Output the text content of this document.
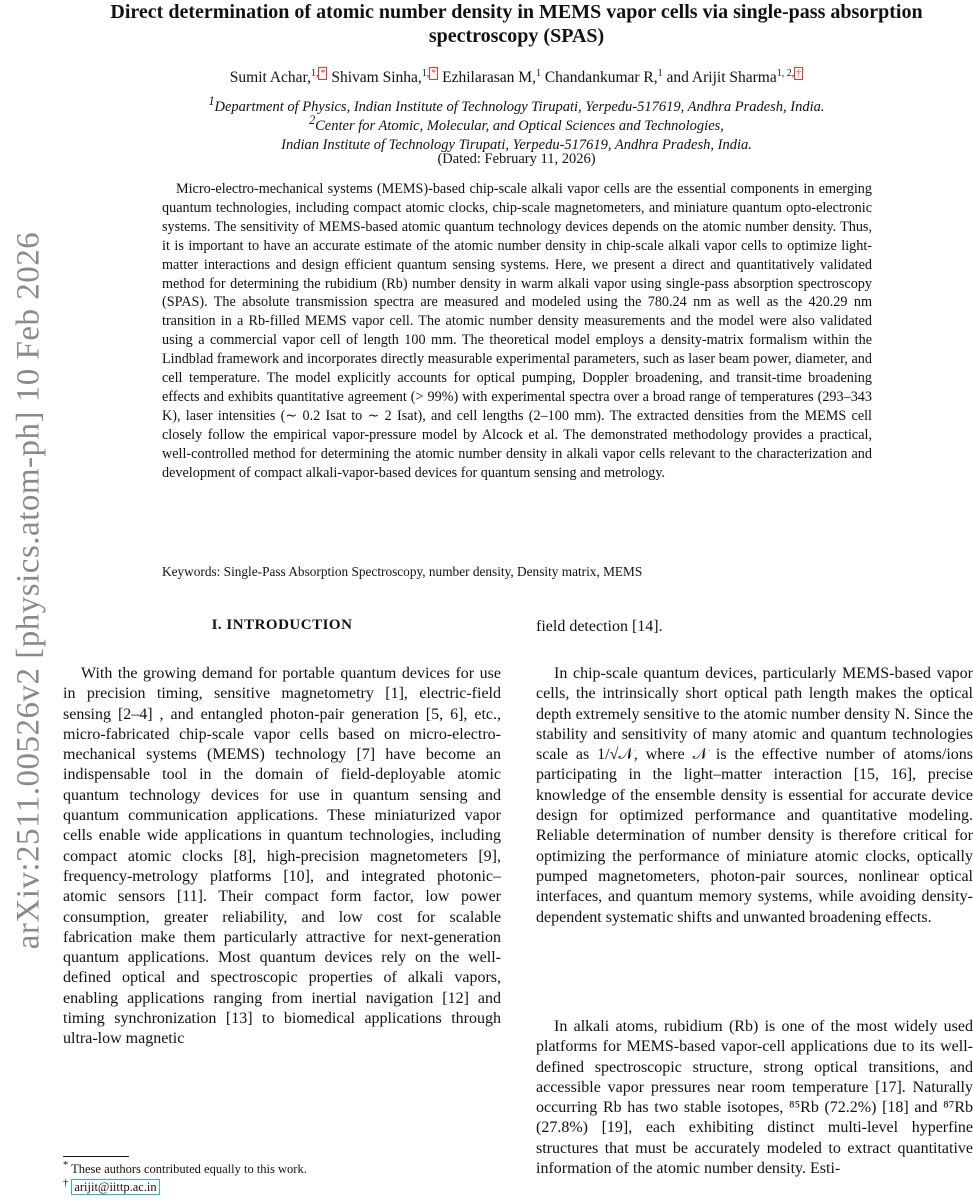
arXiv:2511.00526v2 [physics.atom-ph] 10 Feb 2026
Direct determination of atomic number density in MEMS vapor cells via single-pass absorption spectroscopy (SPAS)
Sumit Achar,$^{1,}$ * Shivam Sinha,$^{1,}$ * Ezhilarasan M,$^1$ Chandankumar R,$^1$ and Arijit Sharma$^{1, 2,}$ †
$^1$Department of Physics, Indian Institute of Technology Tirupati, Yerpedu-517619, Andhra Pradesh, India.
$^2$Center for Atomic, Molecular, and Optical Sciences and Technologies,
Indian Institute of Technology Tirupati, Yerpedu-517619, Andhra Pradesh, India.
(Dated: February 11, 2026)
Micro-electro-mechanical systems (MEMS)-based chip-scale alkali vapor cells are the essential components in emerging quantum technologies, including compact atomic clocks, chip-scale magnetometers, and miniature quantum opto-electronic systems. The sensitivity of MEMS-based atomic quantum technology devices depends on the atomic number density. Thus, it is important to have an accurate estimate of the atomic number density in chip-scale alkali vapor cells to optimize light-matter interactions and design efficient quantum sensing systems. Here, we present a direct and quantitatively validated method for determining the rubidium (Rb) number density in warm alkali vapor using single-pass absorption spectroscopy (SPAS). The absolute transmission spectra are measured and modeled using the 780.24 nm as well as the 420.29 nm transition in a Rb-filled MEMS vapor cell. The atomic number density measurements and the model were also validated using a commercial vapor cell of length 100 mm. The theoretical model employs a density-matrix formalism within the Lindblad framework and incorporates directly measurable experimental parameters, such as laser beam power, diameter, and cell temperature. The model explicitly accounts for optical pumping, Doppler broadening, and transit-time broadening effects and exhibits quantitative agreement (> 99%) with experimental spectra over a broad range of temperatures (293–343 K), laser intensities (∼ 0.2 Isat to ∼ 2 Isat), and cell lengths (2–100 mm). The extracted densities from the MEMS cell closely follow the empirical vapor-pressure model by Alcock et al. The demonstrated methodology provides a practical, well-controlled method for determining the atomic number density in alkali vapor cells relevant to the characterization and development of compact alkali-vapor-based devices for quantum sensing and metrology.
Keywords: Single-Pass Absorption Spectroscopy, number density, Density matrix, MEMS
I. INTRODUCTION
With the growing demand for portable quantum devices for use in precision timing, sensitive magnetometry [1], electric-field sensing [2–4] , and entangled photon-pair generation [5, 6], etc., micro-fabricated chip-scale vapor cells based on micro-electro-mechanical systems (MEMS) technology [7] have become an indispensable tool in the domain of field-deployable atomic quantum technology devices for use in quantum sensing and quantum communication applications. These miniaturized vapor cells enable wide applications in quantum technologies, including compact atomic clocks [8], high-precision magnetometers [9], frequency-metrology platforms [10], and integrated photonic–atomic sensors [11]. Their compact form factor, low power consumption, greater reliability, and low cost for scalable fabrication make them particularly attractive for next-generation quantum applications. Most quantum devices rely on the well-defined optical and spectroscopic properties of alkali vapors, enabling applications ranging from inertial navigation [12] and timing synchronization [13] to biomedical applications through ultra-low magnetic
field detection [14].
In chip-scale quantum devices, particularly MEMS-based vapor cells, the intrinsically short optical path length makes the optical depth extremely sensitive to the atomic number density N. Since the stability and sensitivity of many atomic and quantum technologies scale as 1/√𝒩, where 𝒩 is the effective number of atoms/ions participating in the light–matter interaction [15, 16], precise knowledge of the ensemble density is essential for accurate device design for optimized performance and quantitative modeling. Reliable determination of number density is therefore critical for optimizing the performance of miniature atomic clocks, optically pumped magnetometers, photon-pair sources, nonlinear optical interfaces, and quantum memory systems, while avoiding density-dependent systematic shifts and unwanted broadening effects.
In alkali atoms, rubidium (Rb) is one of the most widely used platforms for MEMS-based vapor-cell applications due to its well-defined spectroscopic structure, strong optical transitions, and accessible vapor pressures near room temperature [17]. Naturally occurring Rb has two stable isotopes, ⁸⁵Rb (72.2%) [18] and ⁸⁷Rb (27.8%) [19], each exhibiting distinct multi-level hyperfine structures that must be accurately modeled to extract quantitative information of the atomic number density. Esti-
* These authors contributed equally to this work.
† arijit@iittp.ac.in
